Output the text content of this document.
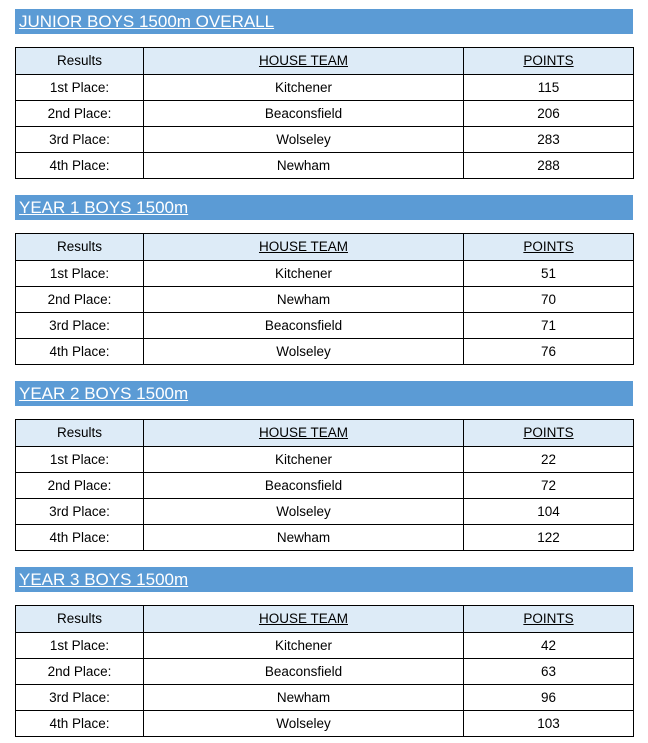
JUNIOR BOYS 1500m OVERALL
Results	HOUSE TEAM	POINTS
1st Place:	Kitchener	115
2nd Place:	Beaconsfield	206
3rd Place:	Wolseley	283
4th Place:	Newham	288
YEAR 1 BOYS 1500m
Results	HOUSE TEAM	POINTS
1st Place:	Kitchener	51
2nd Place:	Newham	70
3rd Place:	Beaconsfield	71
4th Place:	Wolseley	76
YEAR 2 BOYS 1500m
Results	HOUSE TEAM	POINTS
1st Place:	Kitchener	22
2nd Place:	Beaconsfield	72
3rd Place:	Wolseley	104
4th Place:	Newham	122
YEAR 3 BOYS 1500m
Results	HOUSE TEAM	POINTS
1st Place:	Kitchener	42
2nd Place:	Beaconsfield	63
3rd Place:	Newham	96
4th Place:	Wolseley	103
